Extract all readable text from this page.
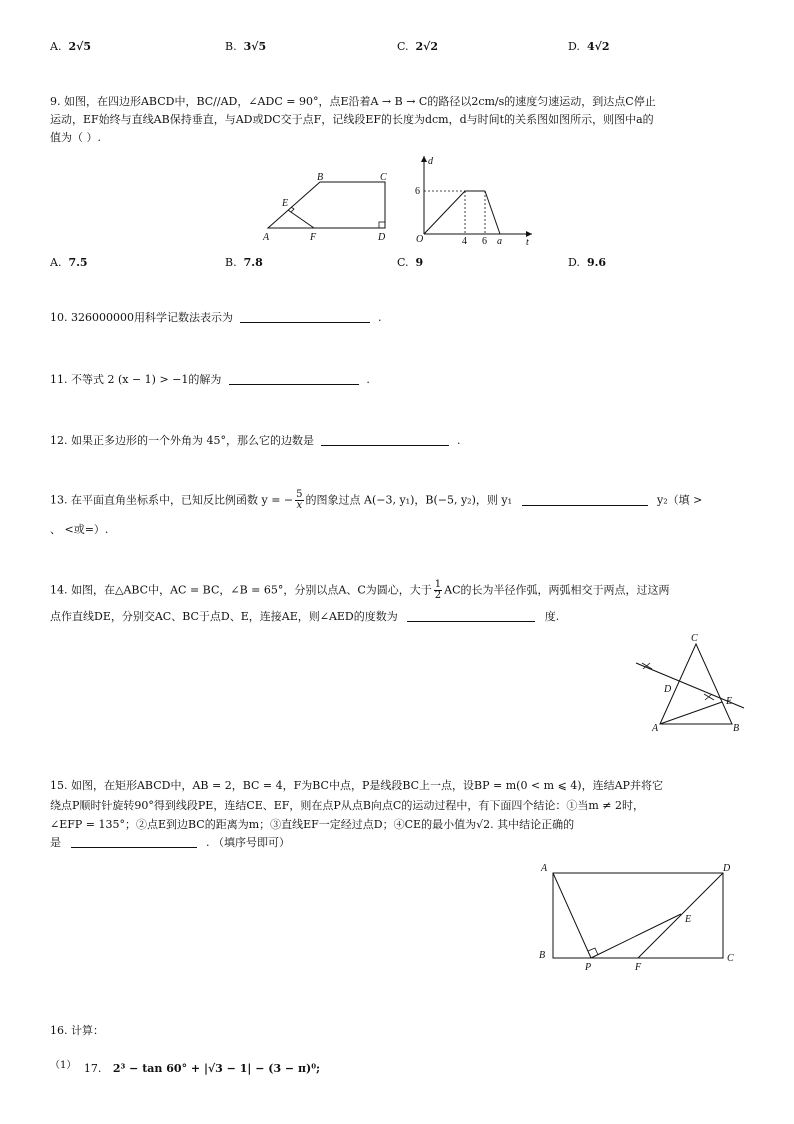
A. 2√5	B. 3√5	C. 2√2	D. 4√2
9. 如图，在四边形ABCD中，BC//AD，∠ADC = 90°，点E沿着A → B → C的路径以2cm/s的速度匀速运动，到达点C停止
运动，EF始终与直线AB保持垂直，与AD或DC交于点F，记线段EF的长度为dcm，d与时间t的关系图如图所示，则图中a的
值为（ ）.
A
B	C
D
E
F
d
t
O
6
4 6 a
A. 7.5	B. 7.8	C. 9	D. 9.6
10. 326000000用科学记数法表示为	.
11. 不等式 2 (x − 1) > −1的解为	.
12. 如果正多边形的一个外角为 45°，那么它的边数是	.
13. 在平面直角坐标系中，已知反比例函数 y = − $\frac{5}{x}$ 的图象过点 A(−3, y₁)，B(−5, y₂)，则 y₁	y₂（填 >
、 <或=）.
14. 如图，在△ABC中，AC = BC，∠B = 65°，分别以点A、C为圆心，大于 $\frac{1}{2}$ AC的长为半径作弧，两弧相交于两点，过这两
点作直线DE，分别交AC、BC于点D、E，连接AE，则∠AED的度数为	度.
A	B
C
D
E
15. 如图，在矩形ABCD中，AB = 2，BC = 4，F为BC中点，P是线段BC上一点，设BP = m(0 < m ⩽ 4)，连结AP并将它
绕点P顺时针旋转90°得到线段PE，连结CE、EF，则在点P从点B向点C的运动过程中，有下面四个结论：①当m ≠ 2时，
∠EFP = 135°；②点E到边BC的距离为m；③直线EF一定经过点D；④CE的最小值为√2. 其中结论正确的
是	. （填序号即可）
A	D
B	C
P	F
E
16. 计算：
（1） 17. 2³ − tan 60° + |√3 − 1| − (3 − π)⁰;
